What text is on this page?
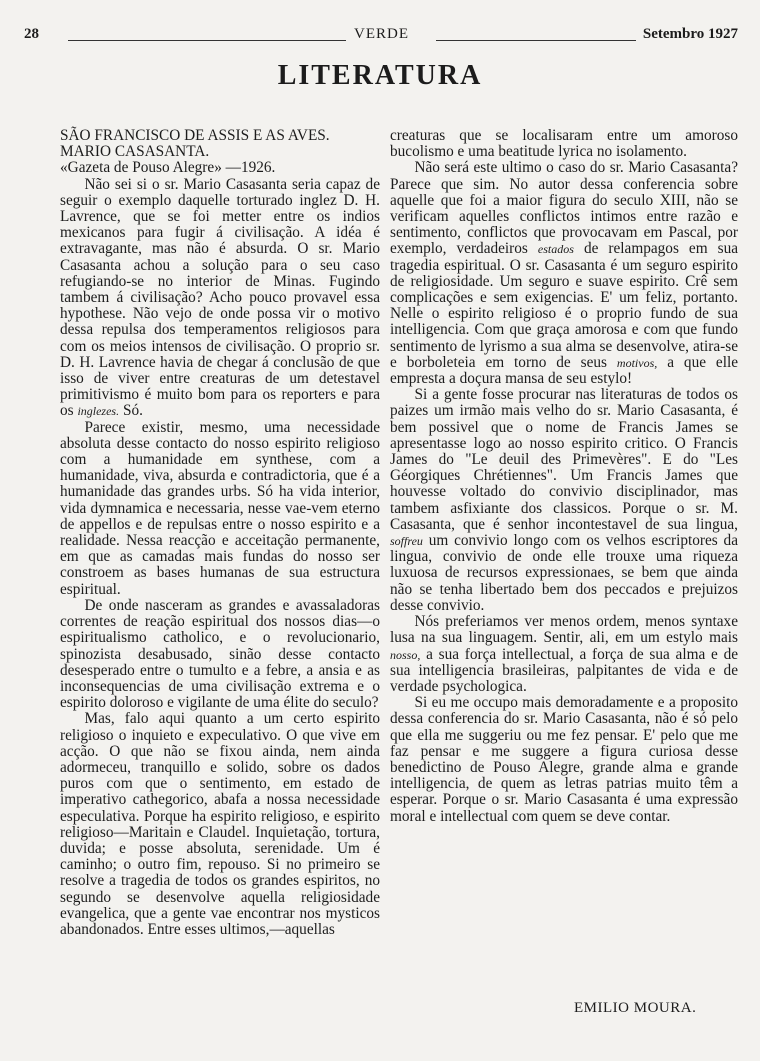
28	VERDE	Setembro 1927
LITERATURA

SÃO FRANCISCO DE ASSIS E AS AVES.

MARIO CASASANTA.

«Gazeta de Pouso Alegre» —1926.

Não sei si o sr. Mario Casasanta seria capaz de seguir o exemplo daquelle torturado inglez D. H. Lavrence, que se foi metter entre os indios mexicanos para fugir á civilisação. A idéa é extravagante, mas não é absurda. O sr. Mario Casasanta achou a solução para o seu caso refugiando-se no interior de Minas. Fugindo tambem á civilisação? Acho pouco provavel essa hypothese. Não vejo de onde possa vir o motivo dessa repulsa dos temperamentos religiosos para com os meios intensos de civilisação. O proprio sr. D. H. Lavrence havia de chegar á conclusão de que isso de viver entre creaturas de um detestavel primitivismo é muito bom para os reporters e para os inglezes. Só.

Parece existir, mesmo, uma necessidade absoluta desse contacto do nosso espirito religioso com a humanidade em synthese, com a humanidade, viva, absurda e contradictoria, que é a humanidade das grandes urbs. Só ha vida interior, vida dymnamica e necessaria, nesse vae-vem eterno de appellos e de repulsas entre o nosso espirito e a realidade. Nessa reacção e acceitação permanente, em que as camadas mais fundas do nosso ser constroem as bases humanas de sua estructura espiritual.

De onde nasceram as grandes e avassaladoras correntes de reação espiritual dos nossos dias—o espiritualismo catholico, e o revolucionario, spinozista desabusado, sinão desse contacto desesperado entre o tumulto e a febre, a ansia e as inconsequencias de uma civilisação extrema e o espirito doloroso e vigilante de uma élite do seculo?

Mas, falo aqui quanto a um certo espirito religioso o inquieto e expeculativo. O que vive em acção. O que não se fixou ainda, nem ainda adormeceu, tranquillo e solido, sobre os dados puros com que o sentimento, em estado de imperativo cathegorico, abafa a nossa necessidade especulativa. Porque ha espirito religioso, e espirito religioso—Maritain e Claudel. Inquietação, tortura, duvida; e posse absoluta, serenidade. Um é caminho; o outro fim, repouso. Si no primeiro se resolve a tragedia de todos os grandes espiritos, no segundo se desenvolve aquella religiosidade evangelica, que a gente vae encontrar nos mysticos abandonados. Entre esses ultimos,—aquellas

creaturas que se localisaram entre um amoroso bucolismo e uma beatitude lyrica no isolamento.

Não será este ultimo o caso do sr. Mario Casasanta? Parece que sim. No autor dessa conferencia sobre aquelle que foi a maior figura do seculo XIII, não se verificam aquelles conflictos intimos entre razão e sentimento, conflictos que provocavam em Pascal, por exemplo, verdadeiros estados de relampagos em sua tragedia espiritual. O sr. Casasanta é um seguro espirito de religiosidade. Um seguro e suave espirito. Crê sem complicações e sem exigencias. E' um feliz, portanto. Nelle o espirito religioso é o proprio fundo de sua intelligencia. Com que graça amorosa e com que fundo sentimento de lyrismo a sua alma se desenvolve, atira-se e borboleteia em torno de seus motivos, a que elle empresta a doçura mansa de seu estylo!

Si a gente fosse procurar nas literaturas de todos os paizes um irmão mais velho do sr. Mario Casasanta, é bem possivel que o nome de Francis James se apresentasse logo ao nosso espirito critico. O Francis James do "Le deuil des Primevères". E do "Les Géorgiques Chrétiennes". Um Francis James que houvesse voltado do convivio disciplinador, mas tambem asfixiante dos classicos. Porque o sr. M. Casasanta, que é senhor incontestavel de sua lingua, soffreu um convivio longo com os velhos escriptores da lingua, convivio de onde elle trouxe uma riqueza luxuosa de recursos expressionaes, se bem que ainda não se tenha libertado bem dos peccados e prejuizos desse convivio.

Nós preferiamos ver menos ordem, menos syntaxe lusa na sua linguagem. Sentir, ali, em um estylo mais nosso, a sua força intellectual, a força de sua alma e de sua intelligencia brasileiras, palpitantes de vida e de verdade psychologica.

Si eu me occupo mais demoradamente e a proposito dessa conferencia do sr. Mario Casasanta, não é só pelo que ella me suggeriu ou me fez pensar. E' pelo que me faz pensar e me suggere a figura curiosa desse benedictino de Pouso Alegre, grande alma e grande intelligencia, de quem as letras patrias muito têm a esperar. Porque o sr. Mario Casasanta é uma expressão moral e intellectual com quem se deve contar.

EMILIO MOURA.
